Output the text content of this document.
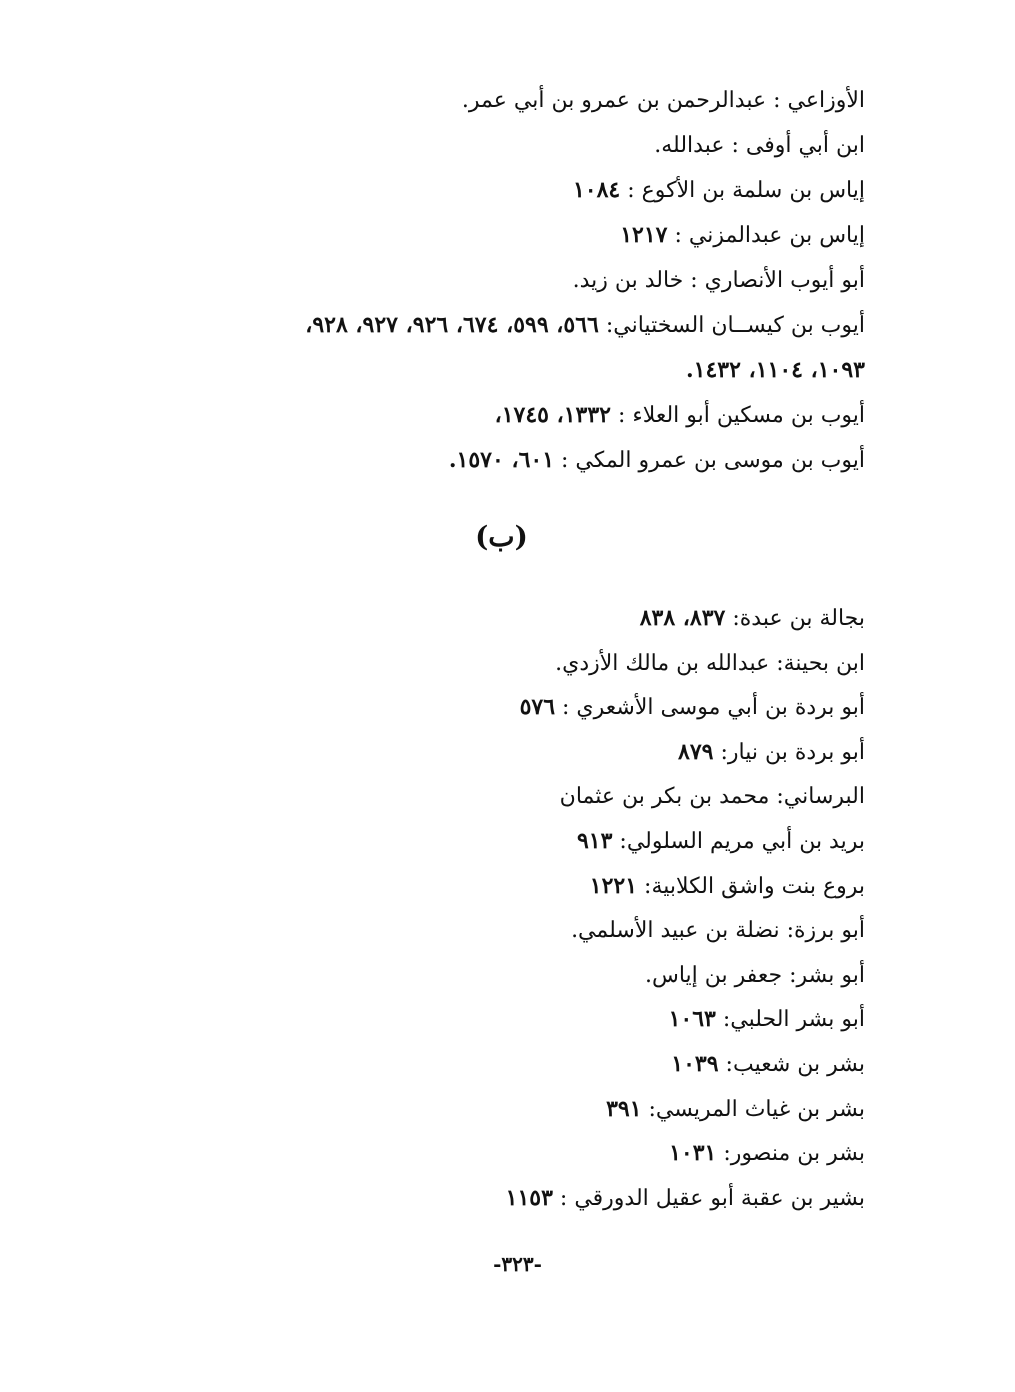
الأوزاعي : عبدالرحمن بن عمرو بن أبي عمر.
ابن أبي أوفى : عبدالله.
إياس بن سلمة بن الأكوع : ١٠٨٤
إياس بن عبدالمزني : ١٢١٧
أبو أيوب الأنصاري : خالد بن زيد.
أيوب بن كيســان السختياني: ٥٦٦، ٥٩٩، ٦٧٤، ٩٢٦، ٩٢٧، ٩٢٨،
١٠٩٣، ١١٠٤، ١٤٣٢.
أيوب بن مسكين أبو العلاء : ١٣٣٢، ١٧٤٥،
أيوب بن موسى بن عمرو المكي : ٦٠١، ١٥٧٠.
(ب)
بجالة بن عبدة: ٨٣٧، ٨٣٨
ابن بحينة: عبدالله بن مالك الأزدي.
أبو بردة بن أبي موسى الأشعري : ٥٧٦
أبو بردة بن نيار: ٨٧٩
البرساني: محمد بن بكر بن عثمان
بريد بن أبي مريم السلولي: ٩١٣
بروع بنت واشق الكلابية: ١٢٢١
أبو برزة: نضلة بن عبيد الأسلمي.
أبو بشر: جعفر بن إياس.
أبو بشر الحلبي: ١٠٦٣
بشر بن شعيب: ١٠٣٩
بشر بن غياث المريسي: ٣٩١
بشر بن منصور: ١٠٣١
بشير بن عقبة أبو عقيل الدورقي : ١١٥٣
-٣٢٣-
